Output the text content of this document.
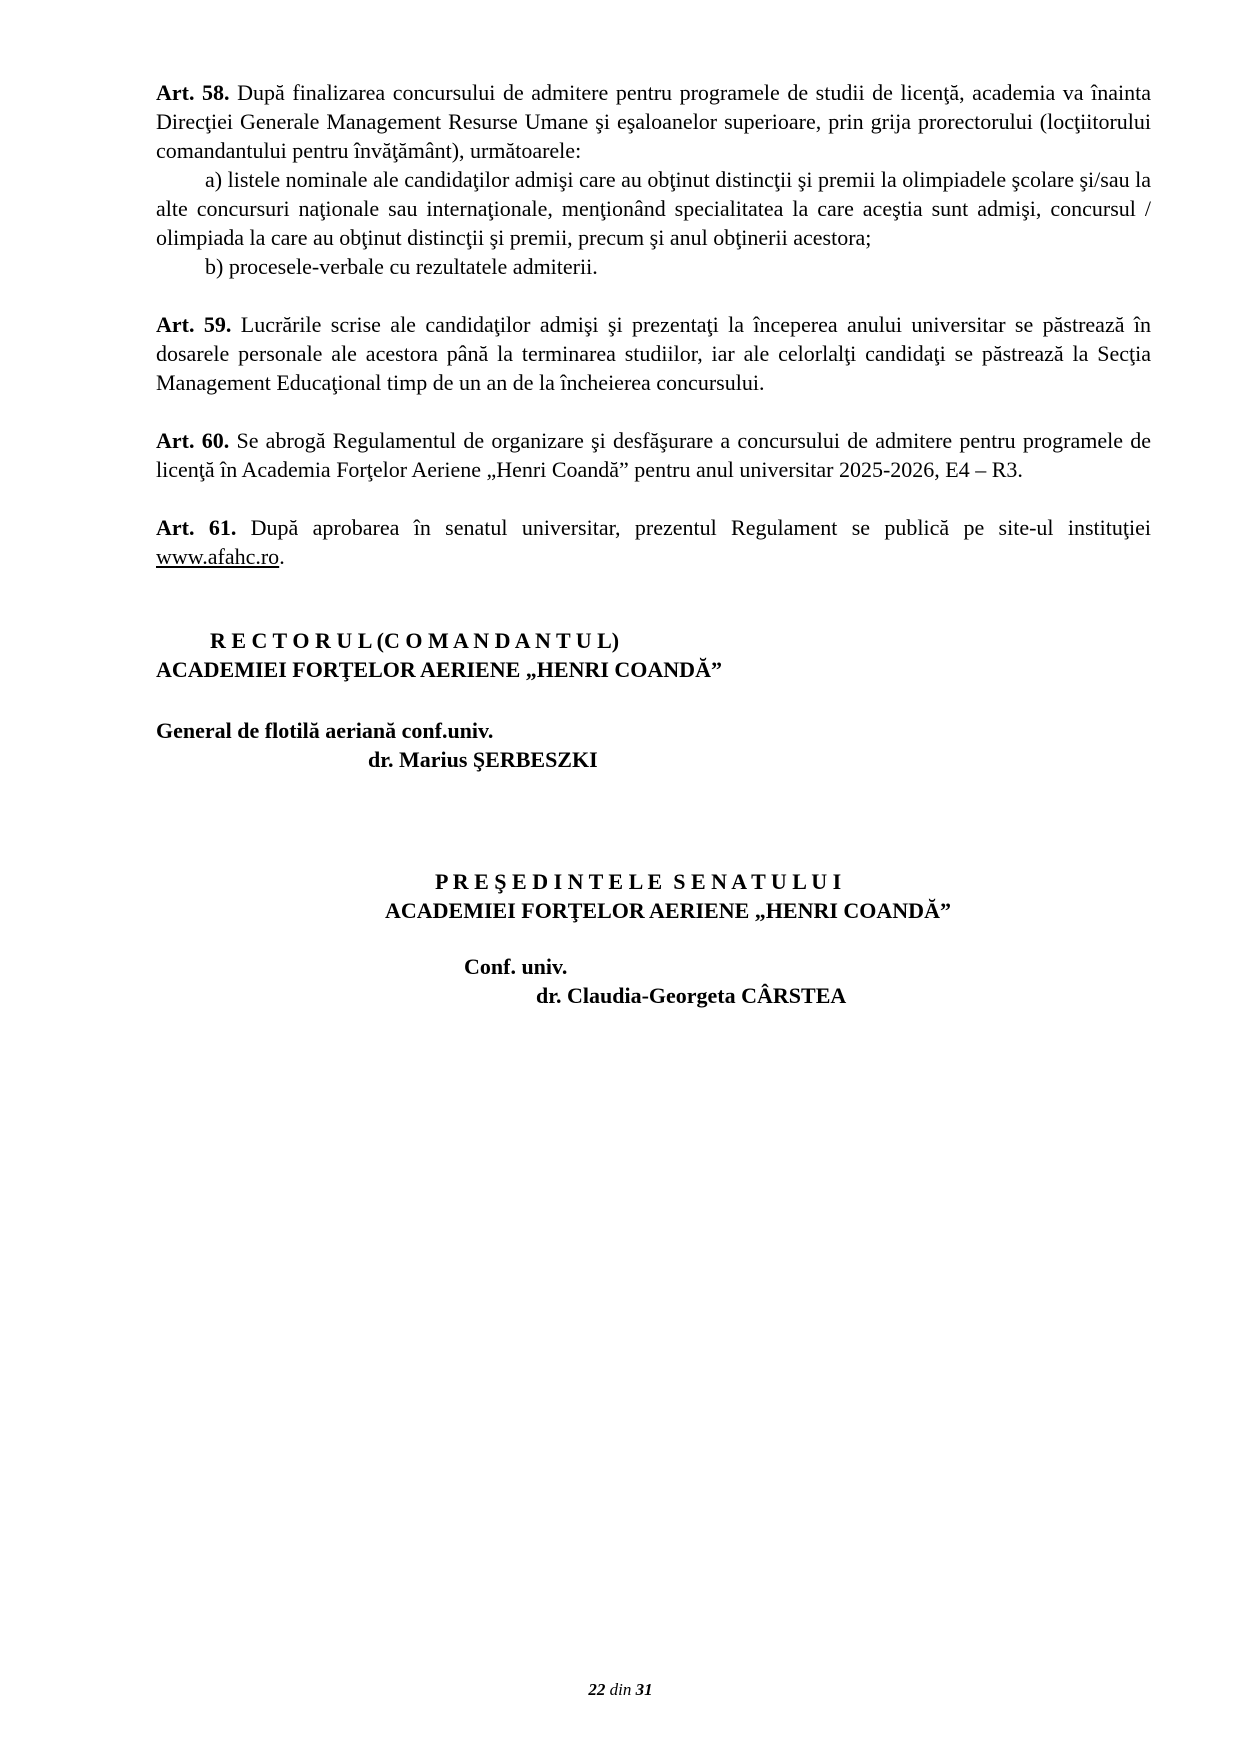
Art. 58. După finalizarea concursului de admitere pentru programele de studii de licenţă, academia va înainta Direcţiei Generale Management Resurse Umane şi eşaloanelor superioare, prin grija prorectorului (locţiitorului comandantului pentru învăţământ), următoarele:

a) listele nominale ale candidaţilor admişi care au obţinut distincţii şi premii la olimpiadele şcolare şi/sau la alte concursuri naţionale sau internaţionale, menţionând specialitatea la care aceştia sunt admişi, concursul / olimpiada la care au obţinut distincţii şi premii, precum şi anul obţinerii acestora;

b) procesele-verbale cu rezultatele admiterii.

Art. 59. Lucrările scrise ale candidaţilor admişi şi prezentaţi la începerea anului universitar se păstrează în dosarele personale ale acestora până la terminarea studiilor, iar ale celorlalţi candidaţi se păstrează la Secţia Management Educaţional timp de un an de la încheierea concursului.

Art. 60. Se abrogă Regulamentul de organizare şi desfăşurare a concursului de admitere pentru programele de licenţă în Academia Forţelor Aeriene „Henri Coandă” pentru anul universitar 2025-2026, E4 – R3.

Art. 61. După aprobarea în senatul universitar, prezentul Regulament se publică pe site-ul instituţiei www.afahc.ro.

R E C T O R U L (C O M A N D A N T U L)

ACADEMIEI FORŢELOR AERIENE „HENRI COANDĂ”

General de flotilă aeriană conf.univ.

dr. Marius ŞERBESZKI

P R E Ş E D I N T E L E  S E N A T U L U I

ACADEMIEI FORŢELOR AERIENE „HENRI COANDĂ”

Conf. univ.

dr. Claudia-Georgeta CÂRSTEA

22 din 31
